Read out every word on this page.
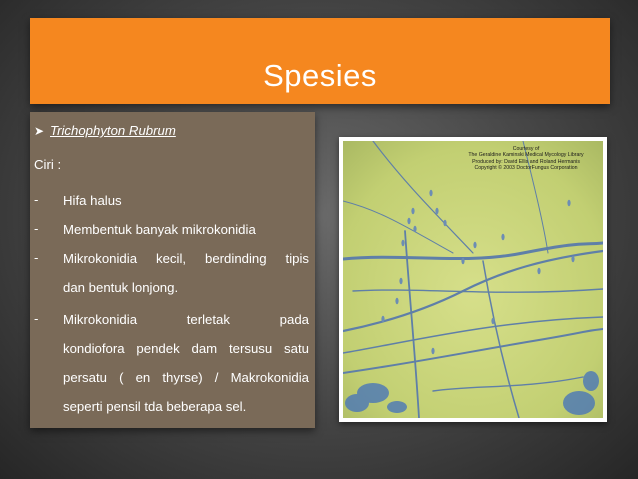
Spesies
➤ Trichophyton Rubrum
Ciri :
- Hifa halus
- Membentuk banyak mikrokonidia
- Mikrokonidia kecil, berdinding tipis
dan bentuk lonjong.
- Mikrokonidia terletak pada
kondiofora pendek dam tersusu satu
persatu ( en thyrse) / Makrokonidia
seperti pensil tda beberapa sel.
Courtesy of
The Geraldine Kaminski Medical Mycology Library
Produced by: David Ellis and Roland Hermanis
Copyright © 2003 DoctorFungus Corporation
